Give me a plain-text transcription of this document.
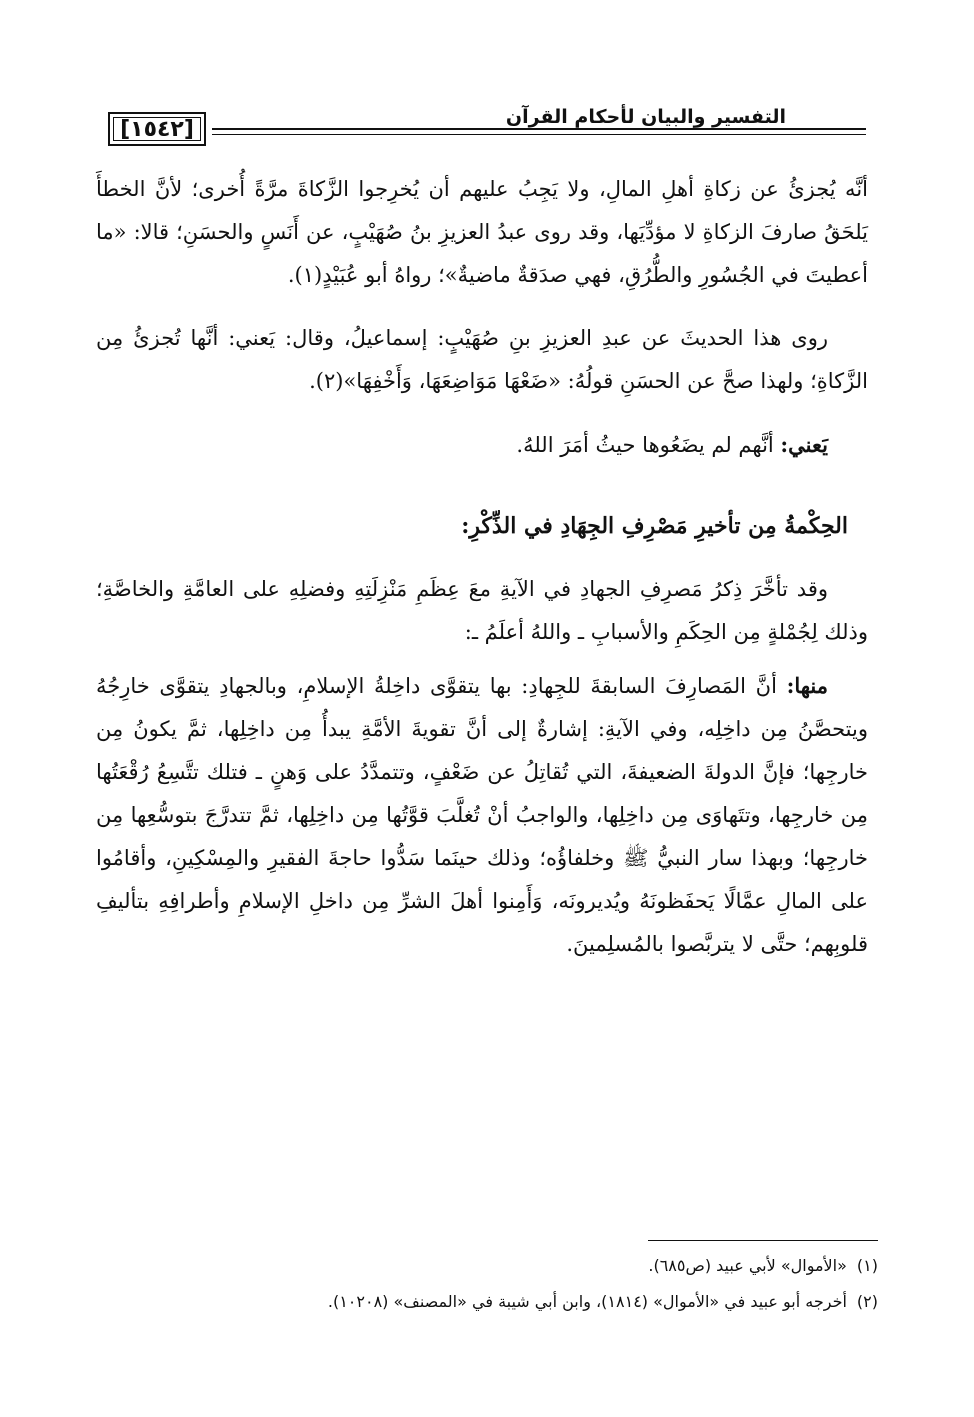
[١٥٤٢]	التفسير والبيان لأحكام القرآن

أنَّه يُجزئُ عن زكاةِ أهلِ المالِ، ولا يَجِبُ عليهم أن يُخرِجوا الزَّكاةَ مرَّةً أُخرى؛ لأنَّ الخطأَ يَلحَقُ صارفَ الزكاةِ لا مؤدِّيَها، وقد روى عبدُ العزيزِ بنُ صُهَيْبٍ، عن أَنَسٍ والحسَنِ؛ قالا: «ما أعطيتَ في الجُسُورِ والطُّرُقِ، فهي صدَقةٌ ماضيةٌ»؛ رواهُ أبو عُبَيْدٍ(١).

روى هذا الحديثَ عن عبدِ العزيزِ بنِ صُهَيْبٍ: إسماعيلُ، وقال: يَعني: أنَّها تُجزئُ مِن الزَّكاةِ؛ ولهذا صحَّ عن الحسَنِ قولُهُ: «ضَعْهَا مَوَاضِعَهَا، وَأَخْفِهَا»(٢).

يَعني: أنَّهم لم يضَعُوها حيثُ أمَرَ اللهُ.

الحِكْمةُ مِن تأخيرِ مَصْرِفِ الجِهَادِ في الذِّكْرِ:

وقد تأخَّرَ ذِكرُ مَصرِفِ الجهادِ في الآيةِ معَ عِظَمِ مَنْزِلَتِهِ وفضلِهِ على العامَّةِ والخاصَّةِ؛ وذلك لِجُمْلةٍ مِن الحِكَمِ والأسبابِ ـ واللهُ أعلَمُ ـ:

منها: أنَّ المَصارِفَ السابقةَ للجِهادِ: بها يتقوَّى داخِلةُ الإسلامِ، وبالجهادِ يتقوَّى خارِجُهُ ويتحصَّنُ مِن داخِلِه، وفي الآيةِ: إشارةٌ إلى أنَّ تقويةَ الأمَّةِ يبدأُ مِن داخِلِها، ثمَّ يكونُ مِن خارجِها؛ فإنَّ الدولةَ الضعيفةَ، التي تُقاتِلُ عن ضَعْفٍ، وتتمدَّدُ على وَهنٍ ـ فتلك تتَّسِعُ رُقْعَتُها مِن خارجِها، وتتَهاوَى مِن داخِلِها، والواجبُ أنْ تُغلَّبَ قوَّتُها مِن داخِلِها، ثمَّ تتدرَّجَ بتوسُّعِها مِن خارجِها؛ وبهذا سار النبيُّ ﷺ وخلفاؤُه؛ وذلك حينَما سَدُّوا حاجةَ الفقيرِ والمِسْكِينِ، وأقامُوا على المالِ عمَّالًا يَحفَظونَهُ ويُديرونَه، وَأَمِنوا أهلَ الشرِّ مِن داخلِ الإسلامِ وأطرافِهِ بتأليفِ قلوبِهم؛ حتَّى لا يتربَّصوا بالمُسلِمينَ.

(١)«الأموال» لأبي عبيد (ص٦٨٥).

(٢)أخرجه أبو عبيد في «الأموال» (١٨١٤)، وابن أبي شيبة في «المصنف» (١٠٢٠٨).
